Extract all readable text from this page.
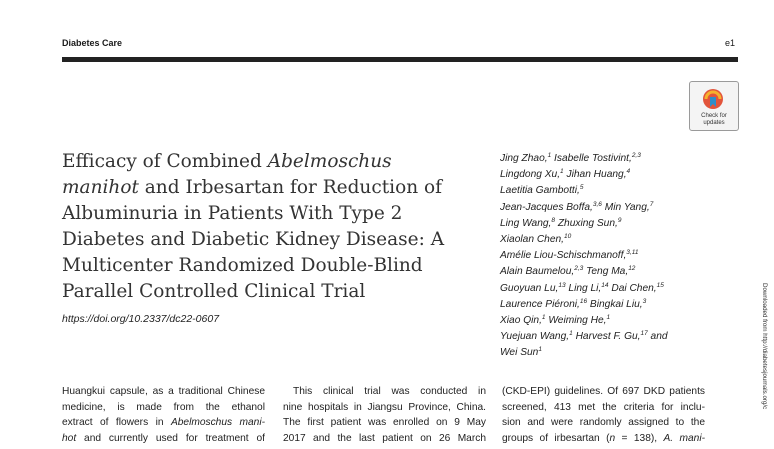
Diabetes Care	e1
Check for
updates
Efficacy of Combined Abelmoschus
manihot and Irbesartan for Reduction of
Albuminuria in Patients With Type 2
Diabetes and Diabetic Kidney Disease: A
Multicenter Randomized Double-Blind
Parallel Controlled Clinical Trial
https://doi.org/10.2337/dc22-0607
Jing Zhao,$^1$ Isabelle Tostivint,$^{2,3}$
Lingdong Xu,$^1$ Jihan Huang,$^4$
Laetitia Gambotti,$^5$
Jean-Jacques Boffa,$^{3,6}$ Min Yang,$^7$
Ling Wang,$^8$ Zhuxing Sun,$^9$
Xiaolan Chen,$^{10}$
Amélie Liou-Schischmanoff,$^{3,11}$
Alain Baumelou,$^{2,3}$ Teng Ma,$^{12}$
Guoyuan Lu,$^{13}$ Ling Li,$^{14}$ Dai Chen,$^{15}$
Laurence Piéroni,$^{16}$ Bingkai Liu,$^3$
Xiao Qin,$^1$ Weiming He,$^1$
Yuejuan Wang,$^1$ Harvest F. Gu,$^{17}$ and
Wei Sun$^1$	Downloaded from http://diabetesjournals.org/c
Huangkui capsule, as a traditional Chinese
medicine, is made from the ethanol
extract of flowers in Abelmoschus mani-
hot and currently used for treatment of
This clinical trial was conducted in
nine hospitals in Jiangsu Province, China.
The first patient was enrolled on 9 May
2017 and the last patient on 26 March
(CKD-EPI) guidelines. Of 697 DKD patients
screened, 413 met the criteria for inclu-
sion and were randomly assigned to the
groups of irbesartan (n = 138), A. mani-
